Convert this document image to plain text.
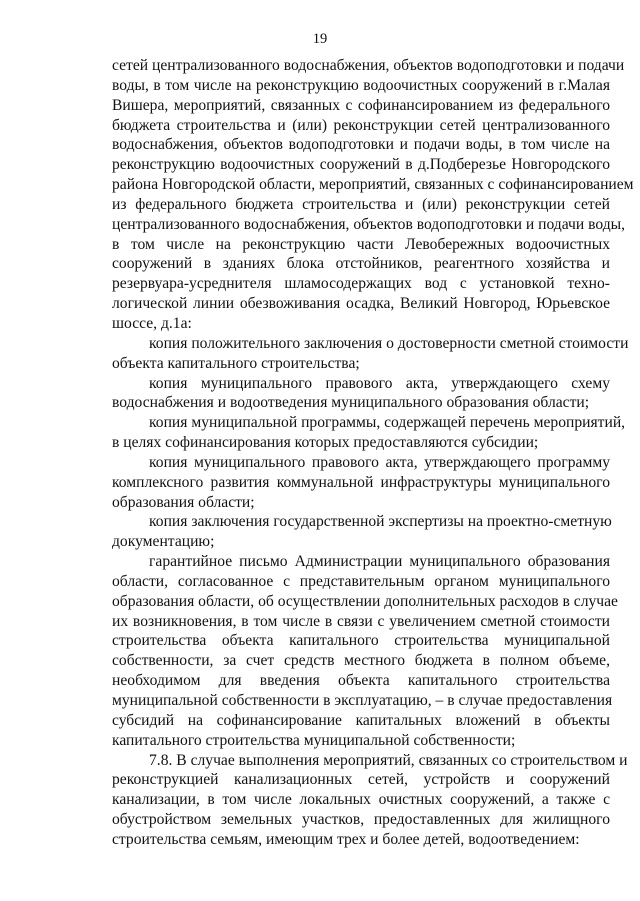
19
сетей централизованного водоснабжения, объектов водоподготовки и подачи
воды, в том числе на реконструкцию водоочистных сооружений в г.Малая
Вишера, мероприятий, связанных с софинансированием из федерального
бюджета строительства и (или) реконструкции сетей централизованного
водоснабжения, объектов водоподготовки и подачи воды, в том числе на
реконструкцию водоочистных сооружений в д.Подберезье Новгородского
района Новгородской области, мероприятий, связанных с софинансированием
из федерального бюджета строительства и (или) реконструкции сетей
централизованного водоснабжения, объектов водоподготовки и подачи воды,
в том числе на реконструкцию части Левобережных водоочистных
сооружений в зданиях блока отстойников, реагентного хозяйства и
резервуара-усреднителя шламосодержащих вод с установкой техно-
логической линии обезвоживания осадка, Великий Новгород, Юрьевское
шоссе, д.1а:
копия положительного заключения о достоверности сметной стоимости
объекта капитального строительства;
копия муниципального правового акта, утверждающего схему
водоснабжения и водоотведения муниципального образования области;
копия муниципальной программы, содержащей перечень мероприятий,
в целях софинансирования которых предоставляются субсидии;
копия муниципального правового акта, утверждающего программу
комплексного развития коммунальной инфраструктуры муниципального
образования области;
копия заключения государственной экспертизы на проектно-сметную
документацию;
гарантийное письмо Администрации муниципального образования
области, согласованное с представительным органом муниципального
образования области, об осуществлении дополнительных расходов в случае
их возникновения, в том числе в связи с увеличением сметной стоимости
строительства объекта капитального строительства муниципальной
собственности, за счет средств местного бюджета в полном объеме,
необходимом для введения объекта капитального строительства
муниципальной собственности в эксплуатацию, – в случае предоставления
субсидий на софинансирование капитальных вложений в объекты
капитального строительства муниципальной собственности;
7.8. В случае выполнения мероприятий, связанных со строительством и
реконструкцией канализационных сетей, устройств и сооружений
канализации, в том числе локальных очистных сооружений, а также с
обустройством земельных участков, предоставленных для жилищного
строительства семьям, имеющим трех и более детей, водоотведением:
